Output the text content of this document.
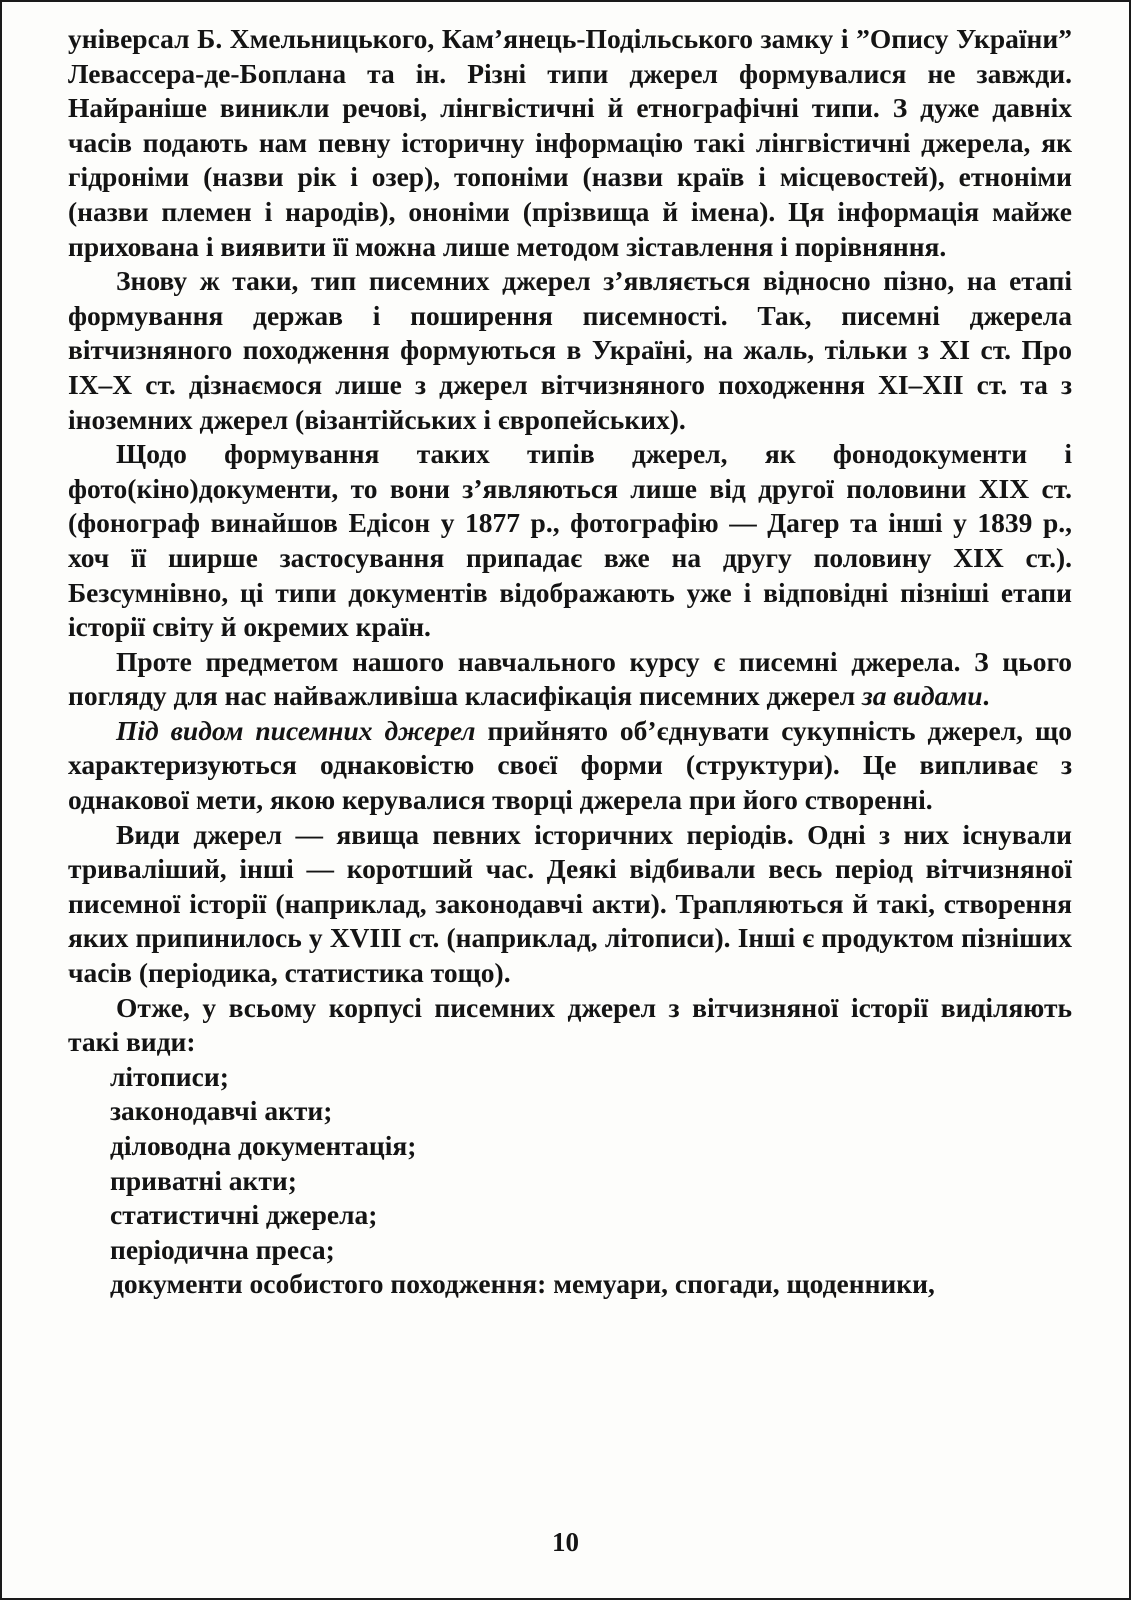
універсал Б. Хмельницького, Кам’янець-Подільського замку і ”Опису України” Левассера-де-Боплана та ін. Різні типи джерел формувалися не завжди. Найраніше виникли речові, лінгвістичні й етнографічні типи. З дуже давніх часів подають нам певну історичну інформацію такі лінгвістичні джерела, як гідроніми (назви рік і озер), топоніми (назви країв і місцевостей), етноніми (назви племен і народів), ононіми (прізвища й імена). Ця інформація майже прихована і виявити її можна лише методом зіставлення і порівняння.

Знову ж таки, тип писемних джерел з’являється відносно пізно, на етапі формування держав і поширення писемності. Так, писемні джерела вітчизняного походження формуються в Україні, на жаль, тільки з XI ст. Про IX–X ст. дізнаємося лише з джерел вітчизняного походження XI–XII ст. та з іноземних джерел (візантійських і європейських).

Щодо формування таких типів джерел, як фонодокументи і фото(кіно)документи, то вони з’являються лише від другої половини XIX ст. (фонограф винайшов Едісон у 1877 р., фотографію — Дагер та інші у 1839 р., хоч її ширше застосування припадає вже на другу половину XIX ст.). Безсумнівно, ці типи документів відображають уже і відповідні пізніші етапи історії світу й окремих країн.

Проте предметом нашого навчального курсу є писемні джерела. З цього погляду для нас найважливіша класифікація писемних джерел за видами.

Під видом писемних джерел прийнято об’єднувати сукупність джерел, що характеризуються однаковістю своєї форми (структури). Це випливає з однакової мети, якою керувалися творці джерела при його створенні.

Види джерел — явища певних історичних періодів. Одні з них існували триваліший, інші — коротший час. Деякі відбивали весь період вітчизняної писемної історії (наприклад, законодавчі акти). Трапляються й такі, створення яких припинилось у XVIII ст. (наприклад, літописи). Інші є продуктом пізніших часів (періодика, статистика тощо).

Отже, у всьому корпусі писемних джерел з вітчизняної історії виділяють такі види:

літописи;
законодавчі акти;
діловодна документація;
приватні акти;
статистичні джерела;
періодична преса;
документи особистого походження: мемуари, спогади, щоденники,
10
